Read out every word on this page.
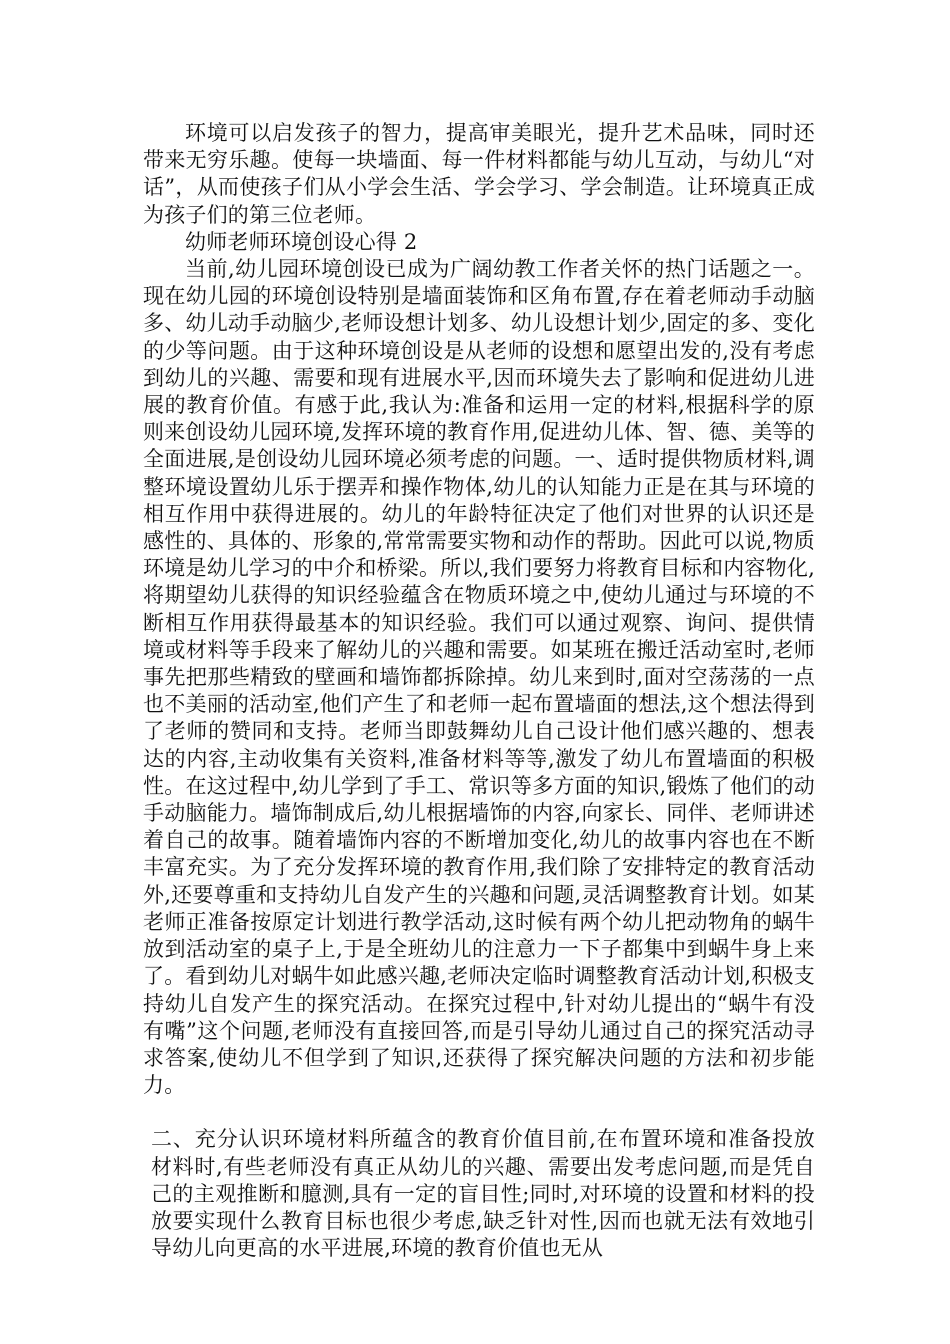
环境可以启发孩子的智力，提高审美眼光，提升艺术品味，同时还带来无穷乐趣。使每一块墙面、每一件材料都能与幼儿互动，与幼儿“对话”，从而使孩子们从小学会生活、学会学习、学会制造。让环境真正成为孩子们的第三位老师。

幼师老师环境创设心得 2

当前,幼儿园环境创设已成为广阔幼教工作者关怀的热门话题之一。现在幼儿园的环境创设特别是墙面装饰和区角布置,存在着老师动手动脑多、幼儿动手动脑少,老师设想计划多、幼儿设想计划少,固定的多、变化的少等问题。由于这种环境创设是从老师的设想和愿望出发的,没有考虑到幼儿的兴趣、需要和现有进展水平,因而环境失去了影响和促进幼儿进展的教育价值。有感于此,我认为:准备和运用一定的材料,根据科学的原则来创设幼儿园环境,发挥环境的教育作用,促进幼儿体、智、德、美等的全面进展,是创设幼儿园环境必须考虑的问题。一、适时提供物质材料,调整环境设置幼儿乐于摆弄和操作物体,幼儿的认知能力正是在其与环境的相互作用中获得进展的。幼儿的年龄特征决定了他们对世界的认识还是感性的、具体的、形象的,常常需要实物和动作的帮助。因此可以说,物质环境是幼儿学习的中介和桥梁。所以,我们要努力将教育目标和内容物化,将期望幼儿获得的知识经验蕴含在物质环境之中,使幼儿通过与环境的不断相互作用获得最基本的知识经验。我们可以通过观察、询问、提供情境或材料等手段来了解幼儿的兴趣和需要。如某班在搬迁活动室时,老师事先把那些精致的壁画和墙饰都拆除掉。幼儿来到时,面对空荡荡的一点也不美丽的活动室,他们产生了和老师一起布置墙面的想法,这个想法得到了老师的赞同和支持。老师当即鼓舞幼儿自己设计他们感兴趣的、想表达的内容,主动收集有关资料,准备材料等等,激发了幼儿布置墙面的积极性。在这过程中,幼儿学到了手工、常识等多方面的知识,锻炼了他们的动手动脑能力。墙饰制成后,幼儿根据墙饰的内容,向家长、同伴、老师讲述着自己的故事。随着墙饰内容的不断增加变化,幼儿的故事内容也在不断丰富充实。为了充分发挥环境的教育作用,我们除了安排特定的教育活动外,还要尊重和支持幼儿自发产生的兴趣和问题,灵活调整教育计划。如某老师正准备按原定计划进行教学活动,这时候有两个幼儿把动物角的蜗牛放到活动室的桌子上,于是全班幼儿的注意力一下子都集中到蜗牛身上来了。看到幼儿对蜗牛如此感兴趣,老师决定临时调整教育活动计划,积极支持幼儿自发产生的探究活动。在探究过程中,针对幼儿提出的“蜗牛有没有嘴”这个问题,老师没有直接回答,而是引导幼儿通过自己的探究活动寻求答案,使幼儿不但学到了知识,还获得了探究解决问题的方法和初步能力。

二、充分认识环境材料所蕴含的教育价值目前,在布置环境和准备投放材料时,有些老师没有真正从幼儿的兴趣、需要出发考虑问题,而是凭自己的主观推断和臆测,具有一定的盲目性;同时,对环境的设置和材料的投放要实现什么教育目标也很少考虑,缺乏针对性,因而也就无法有效地引导幼儿向更高的水平进展,环境的教育价值也无从
